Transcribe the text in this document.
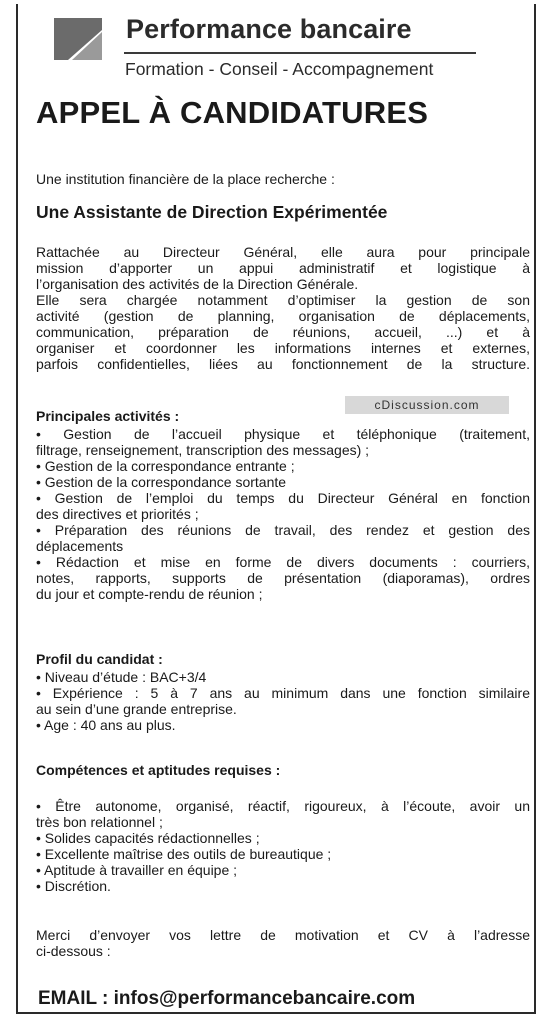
Performance bancaire
Formation - Conseil - Accompagnement
APPEL À CANDIDATURES
Une institution financière de la place recherche :
Une Assistante de Direction Expérimentée
Rattachée au Directeur Général, elle aura pour principale
mission d’apporter un appui administratif et logistique à
l’organisation des activités de la Direction Générale.
Elle sera chargée notamment d’optimiser la gestion de son
activité (gestion de planning, organisation de déplacements,
communication, préparation de réunions, accueil, ...) et à
organiser et coordonner les informations internes et externes,
parfois confidentielles, liées au fonctionnement de la structure.
cDiscussion.com
Principales activités :
• Gestion de l’accueil physique et téléphonique (traitement,
filtrage, renseignement, transcription des messages) ;
• Gestion de la correspondance entrante ;
• Gestion de la correspondance sortante
• Gestion de l’emploi du temps du Directeur Général en fonction
des directives et priorités ;
• Préparation des réunions de travail, des rendez et gestion des
déplacements
• Rédaction et mise en forme de divers documents : courriers,
notes, rapports, supports de présentation (diaporamas), ordres
du jour et compte-rendu de réunion ;
Profil du candidat :
• Niveau d’étude : BAC+3/4
• Expérience : 5 à 7 ans au minimum dans une fonction similaire
au sein d’une grande entreprise.
• Age : 40 ans au plus.
Compétences et aptitudes requises :
• Être autonome, organisé, réactif, rigoureux, à l’écoute, avoir un
très bon relationnel ;
• Solides capacités rédactionnelles ;
• Excellente maîtrise des outils de bureautique ;
• Aptitude à travailler en équipe ;
• Discrétion.
Merci d’envoyer vos lettre de motivation et CV à l’adresse
ci-dessous :
EMAIL : infos@performancebancaire.com
